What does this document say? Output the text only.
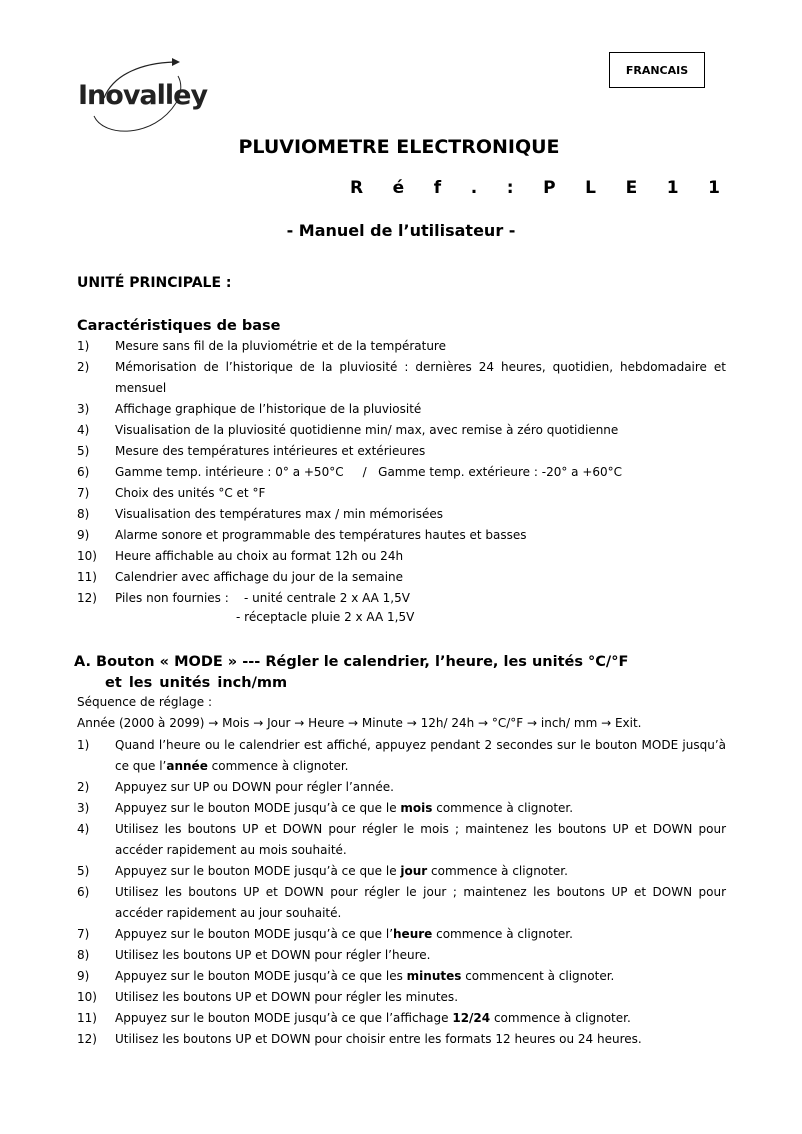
FRANCAIS
Inovalley
PLUVIOMETRE ELECTRONIQUE
R é f . : P L E 1 1
- Manuel de l’utilisateur -
UNITÉ PRINCIPALE :
Caractéristiques de base
1)	Mesure sans fil de la pluviométrie et de la température
2)	Mémorisation de l’historique de la pluviosité : dernières 24 heures, quotidien, hebdomadaire et mensuel
3)	Affichage graphique de l’historique de la pluviosité
4)	Visualisation de la pluviosité quotidienne min/ max, avec remise à zéro quotidienne
5)	Mesure des températures intérieures et extérieures
6)	Gamme temp. intérieure : 0° a +50°C     /   Gamme temp. extérieure : -20° a +60°C
7)	Choix des unités °C et °F
8)	Visualisation des températures max / min mémorisées
9)	Alarme sonore et programmable des températures hautes et basses
10)	Heure affichable au choix au format 12h ou 24h
11)	Calendrier avec affichage du jour de la semaine
12)	Piles non fournies :    - unité centrale 2 x AA 1,5V
- réceptacle pluie 2 x AA 1,5V
A. Bouton « MODE » --- Régler le calendrier, l’heure, les unités °C/°F
et les unités inch/mm
Séquence de réglage :
Année (2000 à 2099) → Mois → Jour → Heure → Minute → 12h/ 24h → °C/°F → inch/ mm → Exit.
1)	Quand l’heure ou le calendrier est affiché, appuyez pendant 2 secondes sur le bouton MODE jusqu’à ce que l’année commence à clignoter.
2)	Appuyez sur UP ou DOWN pour régler l’année.
3)	Appuyez sur le bouton MODE jusqu’à ce que le mois commence à clignoter.
4)	Utilisez les boutons UP et DOWN pour régler le mois ; maintenez les boutons UP et DOWN pour accéder rapidement au mois souhaité.
5)	Appuyez sur le bouton MODE jusqu’à ce que le jour commence à clignoter.
6)	Utilisez les boutons UP et DOWN pour régler le jour ; maintenez les boutons UP et DOWN pour accéder rapidement au jour souhaité.
7)	Appuyez sur le bouton MODE jusqu’à ce que l’heure commence à clignoter.
8)	Utilisez les boutons UP et DOWN pour régler l’heure.
9)	Appuyez sur le bouton MODE jusqu’à ce que les minutes commencent à clignoter.
10)	Utilisez les boutons UP et DOWN pour régler les minutes.
11)	Appuyez sur le bouton MODE jusqu’à ce que l’affichage 12/24 commence à clignoter.
12)	Utilisez les boutons UP et DOWN pour choisir entre les formats 12 heures ou 24 heures.
